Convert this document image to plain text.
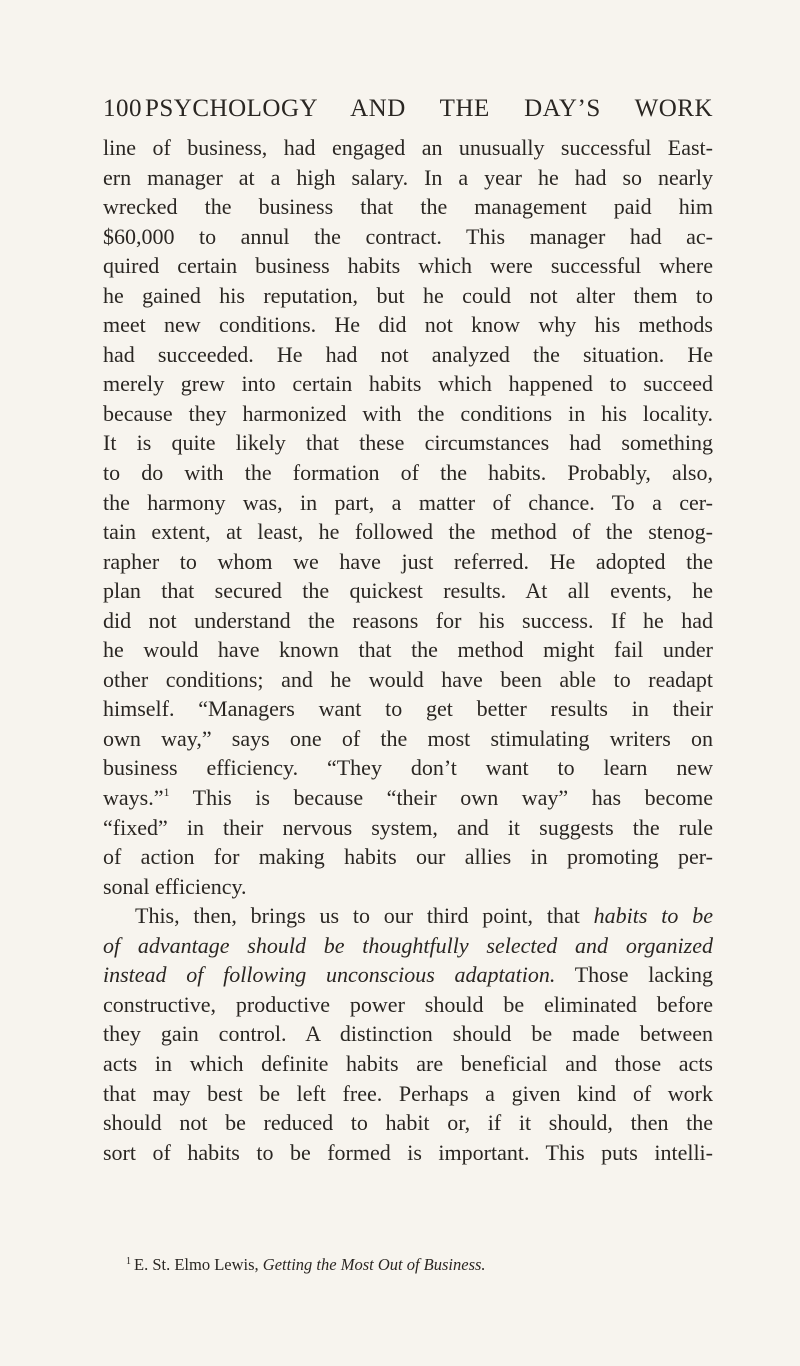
100 PSYCHOLOGY AND THE DAY’S WORK
line of business, had engaged an unusually successful East-
ern manager at a high salary. In a year he had so nearly
wrecked the business that the management paid him
$60,000 to annul the contract. This manager had ac-
quired certain business habits which were successful where
he gained his reputation, but he could not alter them to
meet new conditions. He did not know why his methods
had succeeded. He had not analyzed the situation. He
merely grew into certain habits which happened to succeed
because they harmonized with the conditions in his locality.
It is quite likely that these circumstances had something
to do with the formation of the habits. Probably, also,
the harmony was, in part, a matter of chance. To a cer-
tain extent, at least, he followed the method of the stenog-
rapher to whom we have just referred. He adopted the
plan that secured the quickest results. At all events, he
did not understand the reasons for his success. If he had
he would have known that the method might fail under
other conditions; and he would have been able to readapt
himself. “Managers want to get better results in their
own way,” says one of the most stimulating writers on
business efficiency. “They don’t want to learn new
ways.”$^1$ This is because “their own way” has become
“fixed” in their nervous system, and it suggests the rule
of action for making habits our allies in promoting per-
sonal efficiency.
This, then, brings us to our third point, that habits to be
of advantage should be thoughtfully selected and organized
instead of following unconscious adaptation. Those lacking
constructive, productive power should be eliminated before
they gain control. A distinction should be made between
acts in which definite habits are beneficial and those acts
that may best be left free. Perhaps a given kind of work
should not be reduced to habit or, if it should, then the
sort of habits to be formed is important. This puts intelli-
$^1$ E. St. Elmo Lewis, Getting the Most Out of Business.
